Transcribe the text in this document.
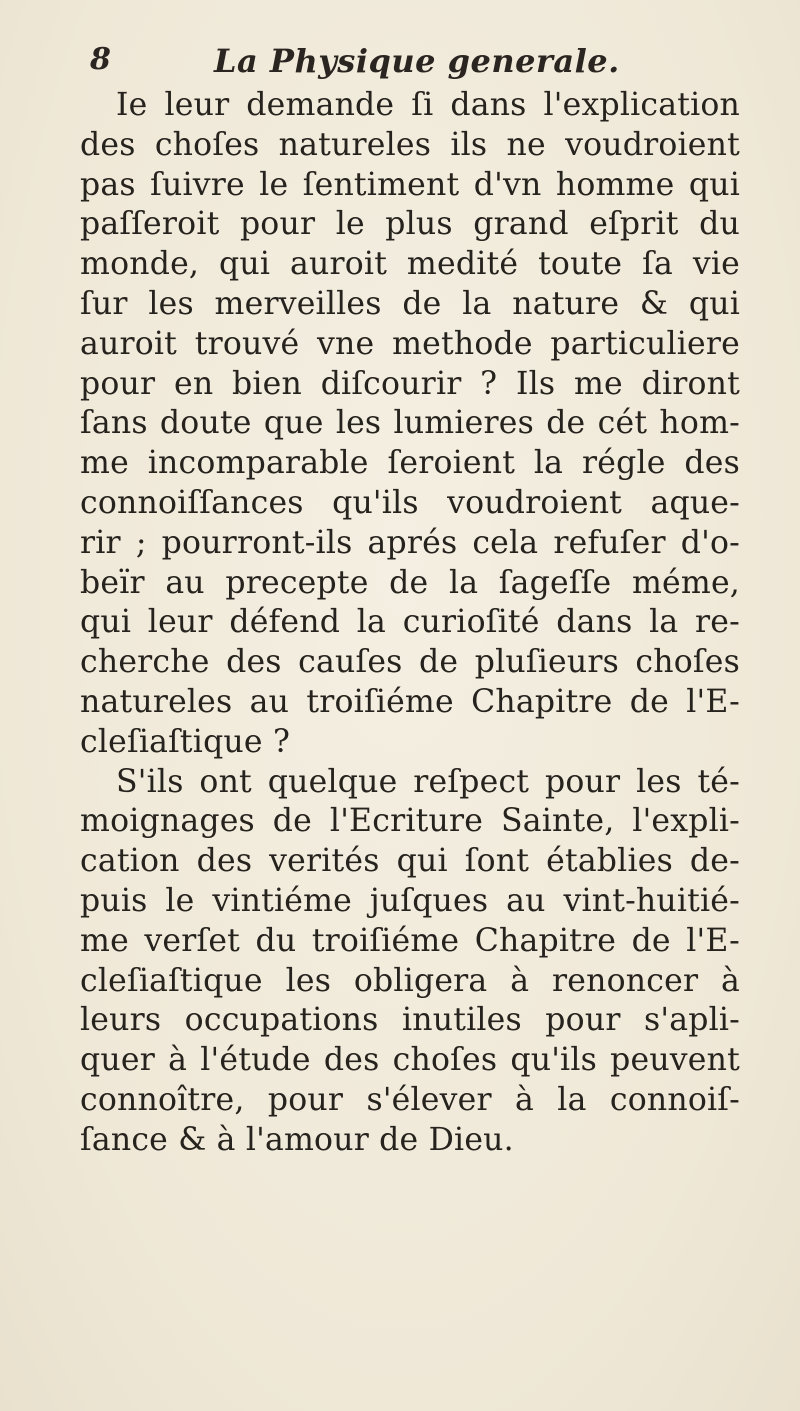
8	La Physique generale.
Ie leur demande ſi dans l'explication
des choſes natureles ils ne voudroient
pas ſuivre le ſentiment d'vn homme qui
paſſeroit pour le plus grand eſprit du
monde, qui auroit medité toute ſa vie
ſur les merveilles de la nature & qui
auroit trouvé vne methode particuliere
pour en bien diſcourir ? Ils me diront
ſans doute que les lumieres de cét hom-
me incomparable ſeroient la régle des
connoiſſances qu'ils voudroient aque-
rir ; pourront-ils aprés cela refuſer d'o-
beïr au precepte de la ſageſſe méme,
qui leur défend la curioſité dans la re-
cherche des cauſes de pluſieurs choſes
natureles au troiſiéme Chapitre de l'E-
cleſiaſtique ?
S'ils ont quelque reſpect pour les té-
moignages de l'Ecriture Sainte, l'expli-
cation des verités qui ſont établies de-
puis le vintiéme juſques au vint-huitié-
me verſet du troiſiéme Chapitre de l'E-
cleſiaſtique les obligera à renoncer à
leurs occupations inutiles pour s'apli-
quer à l'étude des choſes qu'ils peuvent
connoître, pour s'élever à la connoiſ-
ſance & à l'amour de Dieu.
